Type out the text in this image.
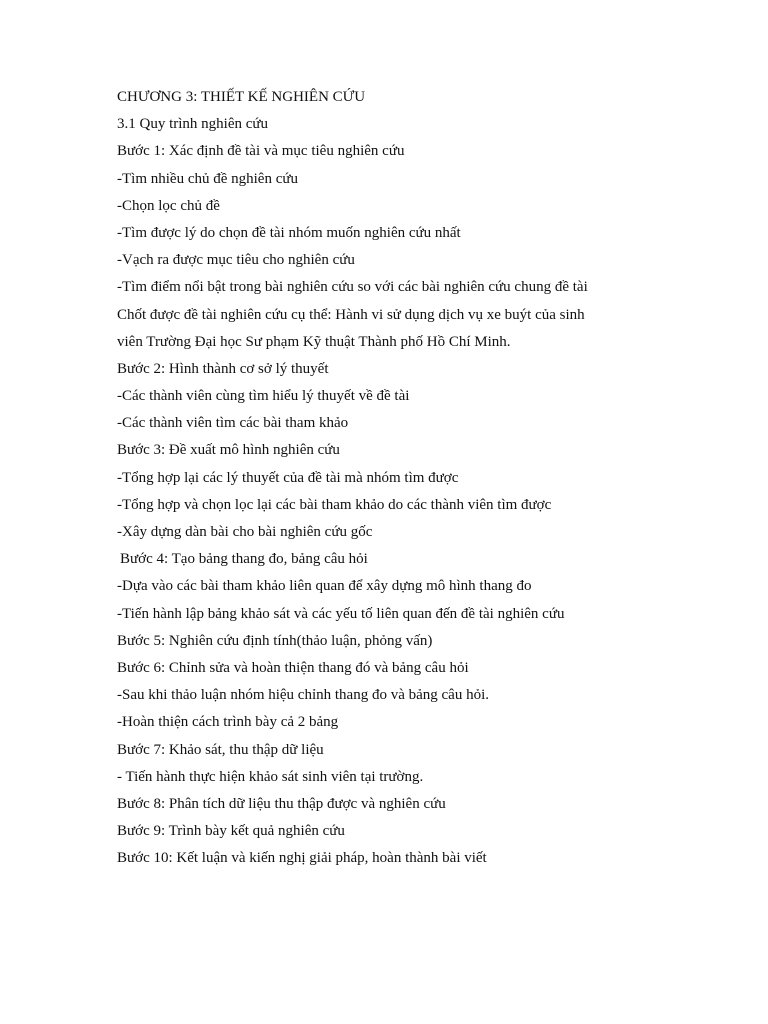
CHƯƠNG 3: THIẾT KẾ NGHIÊN CỨU
3.1 Quy trình nghiên cứu
Bước 1: Xác định đề tài và mục tiêu nghiên cứu
-Tìm nhiều chủ đề nghiên cứu
-Chọn lọc chủ đề
-Tìm được lý do chọn đề tài nhóm muốn nghiên cứu nhất
-Vạch ra được mục tiêu cho nghiên cứu
-Tìm điểm nổi bật trong bài nghiên cứu so với các bài nghiên cứu chung đề tài
Chốt được đề tài nghiên cứu cụ thể: Hành vi sử dụng dịch vụ xe buýt của sinh
viên Trường Đại học Sư phạm Kỹ thuật Thành phố Hồ Chí Minh.
Bước 2: Hình thành cơ sở lý thuyết
-Các thành viên cùng tìm hiểu lý thuyết về đề tài
-Các thành viên tìm các bài tham khảo
Bước 3: Đề xuất mô hình nghiên cứu
-Tổng hợp lại các lý thuyết của đề tài mà nhóm tìm được
-Tổng hợp và chọn lọc lại các bài tham khảo do các thành viên tìm được
-Xây dựng dàn bài cho bài nghiên cứu gốc
Bước 4: Tạo bảng thang đo, bảng câu hỏi
-Dựa vào các bài tham khảo liên quan để xây dựng mô hình thang đo
-Tiến hành lập bảng khảo sát và các yếu tố liên quan đến đề tài nghiên cứu
Bước 5: Nghiên cứu định tính(thảo luận, phỏng vấn)
Bước 6: Chỉnh sửa và hoàn thiện thang đó và bảng câu hỏi
-Sau khi thảo luận nhóm hiệu chỉnh thang đo và bảng câu hỏi.
-Hoàn thiện cách trình bày cả 2 bảng
Bước 7: Khảo sát, thu thập dữ liệu
- Tiến hành thực hiện khảo sát sinh viên tại trường.
Bước 8: Phân tích dữ liệu thu thập được và nghiên cứu
Bước 9: Trình bày kết quả nghiên cứu
Bước 10: Kết luận và kiến nghị giải pháp, hoàn thành bài viết
